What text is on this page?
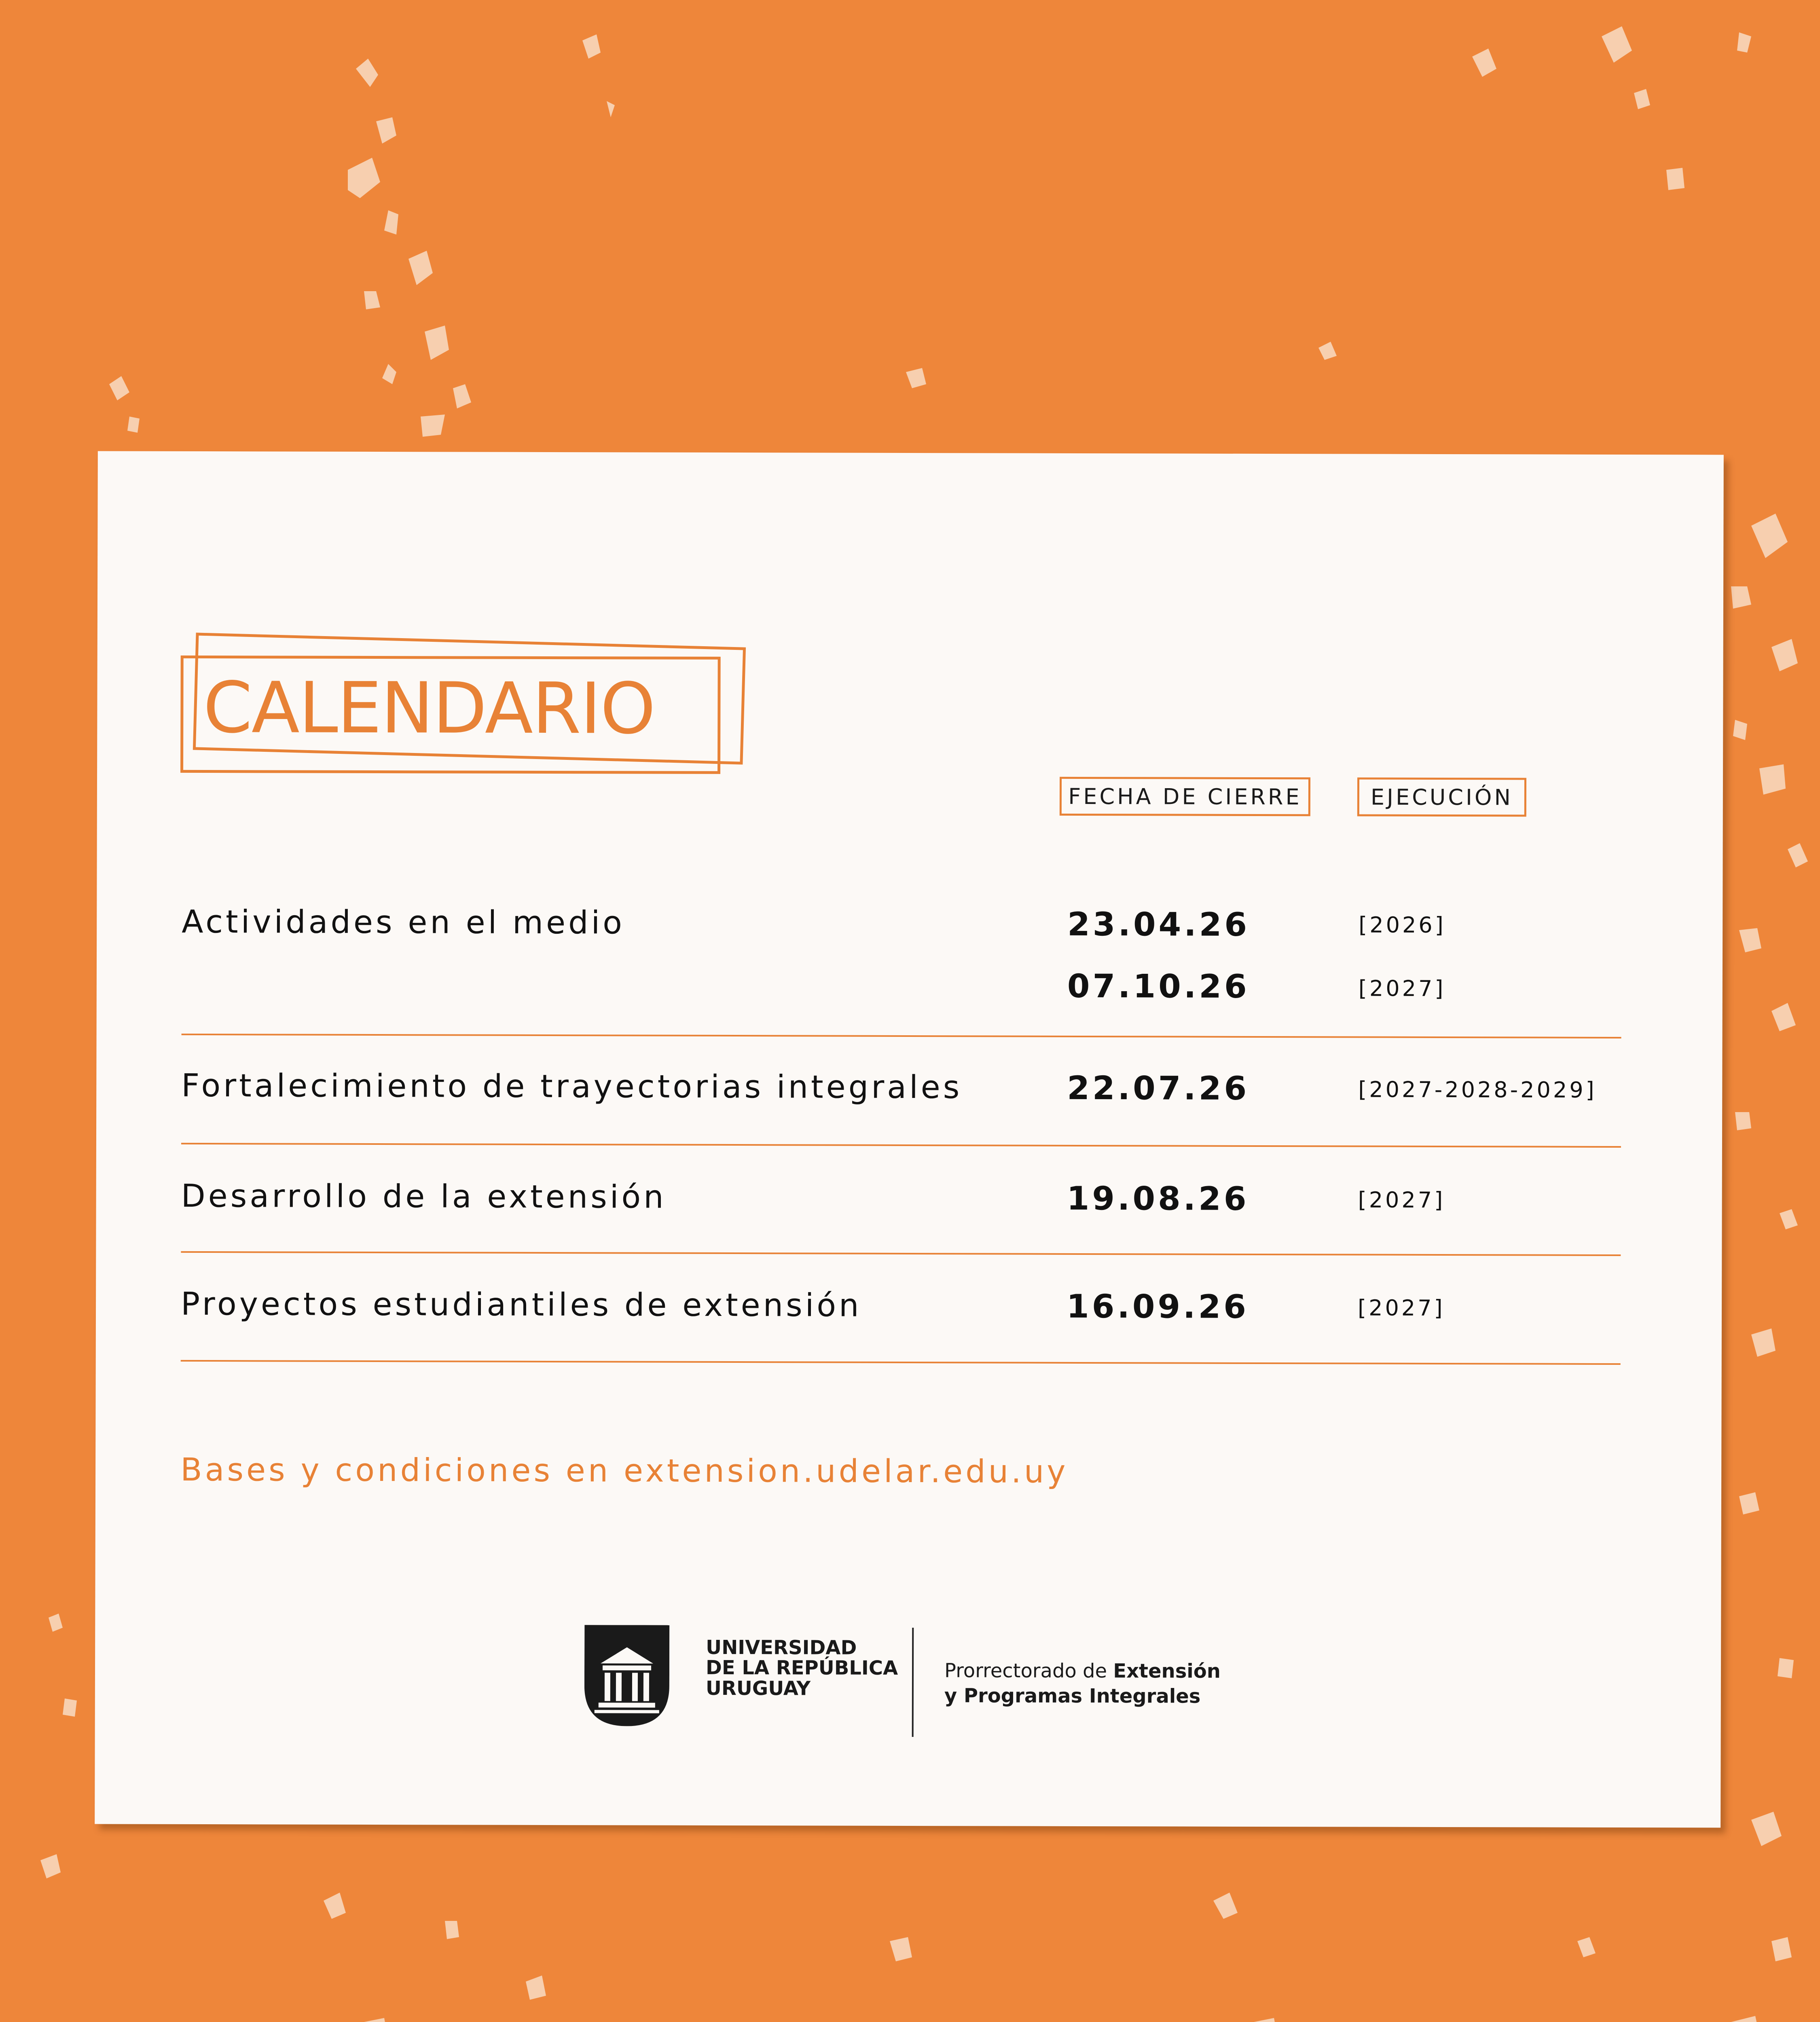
CALENDARIO
FECHA DE CIERRE	EJECUCIÓN
Actividades en el medio	23.04.26	[2026]
07.10.26	[2027]
Fortalecimiento de trayectorias integrales	22.07.26	[2027-2028-2029]
Desarrollo de la extensión	19.08.26	[2027]
Proyectos estudiantiles de extensión	16.09.26	[2027]
Bases y condiciones en extension.udelar.edu.uy
UNIVERSIDAD
DE LA REPÚBLICA
URUGUAY
Prorrectorado de Extensión
y Programas Integrales
